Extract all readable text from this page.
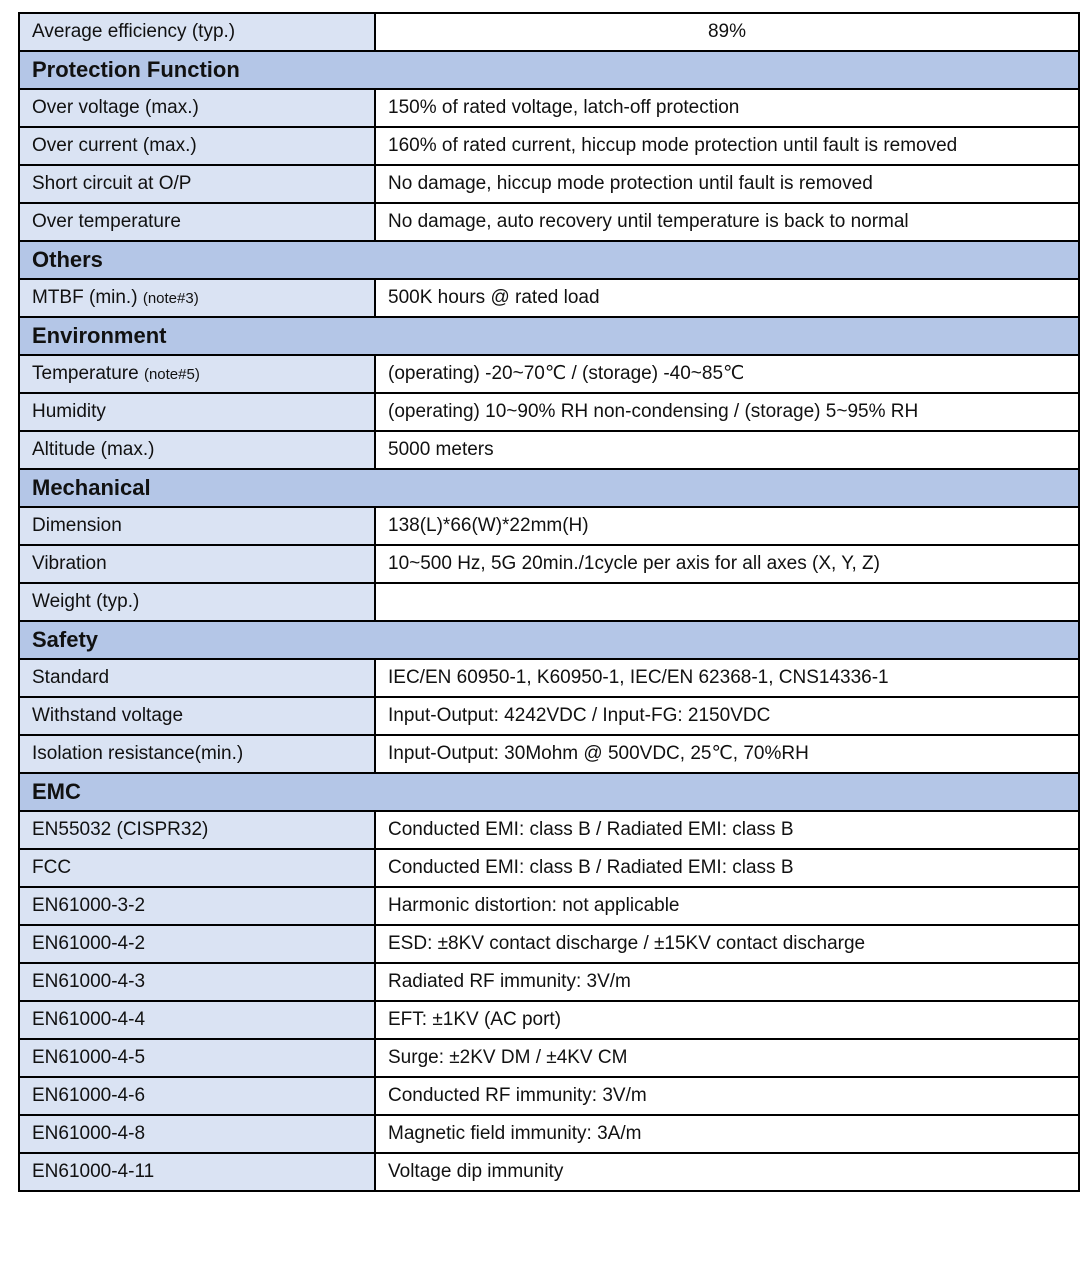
Average efficiency (typ.)	89%
Protection Function	
Over voltage (max.)	150% of rated voltage, latch-off protection
Over current (max.)	160% of rated current, hiccup mode protection until fault is removed
Short circuit at O/P	No damage, hiccup mode protection until fault is removed
Over temperature	No damage, auto recovery until temperature is back to normal
Others	
MTBF (min.) (note#3)	500K hours @ rated load
Environment	
Temperature (note#5)	(operating) -20~70℃ / (storage) -40~85℃
Humidity	(operating) 10~90% RH non-condensing / (storage) 5~95% RH
Altitude (max.)	5000 meters
Mechanical	
Dimension	138(L)*66(W)*22mm(H)
Vibration	10~500 Hz, 5G 20min./1cycle per axis for all axes (X, Y, Z)
Weight (typ.)	
Safety	
Standard	IEC/EN 60950-1, K60950-1, IEC/EN 62368-1, CNS14336-1
Withstand voltage	Input-Output: 4242VDC / Input-FG: 2150VDC
Isolation resistance(min.)	Input-Output: 30Mohm @ 500VDC, 25℃, 70%RH
EMC	
EN55032 (CISPR32)	Conducted EMI: class B / Radiated EMI: class B
FCC	Conducted EMI: class B / Radiated EMI: class B
EN61000-3-2	Harmonic distortion: not applicable
EN61000-4-2	ESD: ±8KV contact discharge / ±15KV contact discharge
EN61000-4-3	Radiated RF immunity: 3V/m
EN61000-4-4	EFT: ±1KV (AC port)
EN61000-4-5	Surge: ±2KV DM / ±4KV CM
EN61000-4-6	Conducted RF immunity: 3V/m
EN61000-4-8	Magnetic field immunity: 3A/m
EN61000-4-11	Voltage dip immunity
